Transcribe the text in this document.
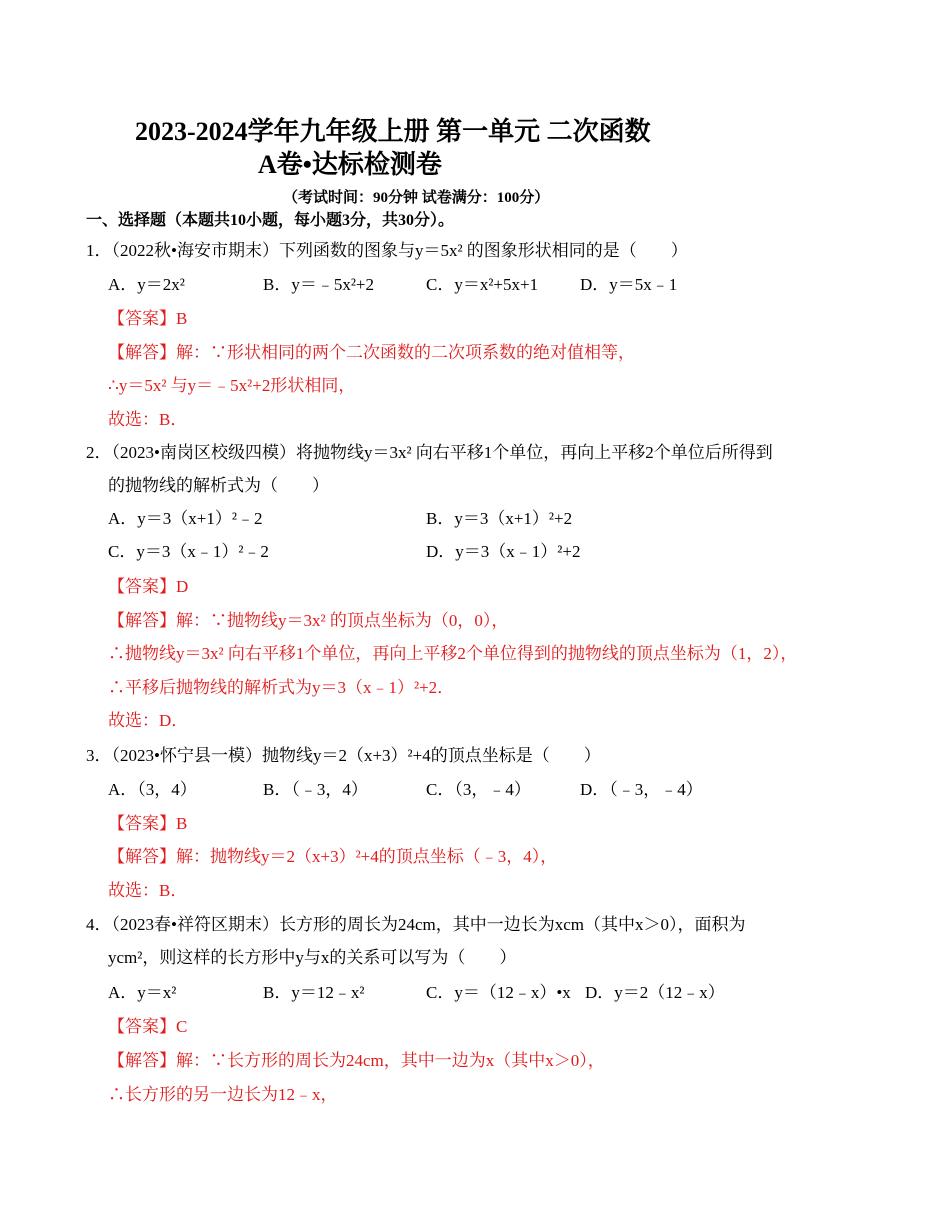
2023-2024学年九年级上册 第一单元 二次函数
A卷•达标检测卷
（考试时间：90分钟 试卷满分：100分）
一、选择题（本题共10小题，每小题3分，共30分）。
1．（2022秋•海安市期末）下列函数的图象与y＝5x² 的图象形状相同的是（　　）
A．y＝2x²	B．y＝﹣5x²+2	C．y＝x²+5x+1 D．y＝5x﹣1
【答案】B
【解答】解：∵形状相同的两个二次函数的二次项系数的绝对值相等，
∴y＝5x² 与y＝﹣5x²+2形状相同，
故选：B．
2．（2023•南岗区校级四模）将抛物线y＝3x² 向右平移1个单位，再向上平移2个单位后所得到
的抛物线的解析式为（　　）
A．y＝3（x+1）²﹣2	B．y＝3（x+1）²+2
C．y＝3（x﹣1）²﹣2	D．y＝3（x﹣1）²+2
【答案】D
【解答】解：∵抛物线y＝3x² 的顶点坐标为（0，0），
∴抛物线y＝3x² 向右平移1个单位，再向上平移2个单位得到的抛物线的顶点坐标为（1，2），
∴平移后抛物线的解析式为y＝3（x﹣1）²+2．
故选：D．
3．（2023•怀宁县一模）抛物线y＝2（x+3）²+4的顶点坐标是（　　）
A．（3，4）	B．（﹣3，4）	C．（3，﹣4）	D．（﹣3，﹣4）
【答案】B
【解答】解：抛物线y＝2（x+3）²+4的顶点坐标（﹣3，4），
故选：B．
4．（2023春•祥符区期末）长方形的周长为24cm，其中一边长为xcm（其中x＞0），面积为
ycm²，则这样的长方形中y与x的关系可以写为（　　）
A．y＝x²	B．y＝12﹣x²	C．y＝（12﹣x）•x D．y＝2（12﹣x）
【答案】C
【解答】解：∵长方形的周长为24cm，其中一边为x（其中x＞0），
∴长方形的另一边长为12﹣x，
